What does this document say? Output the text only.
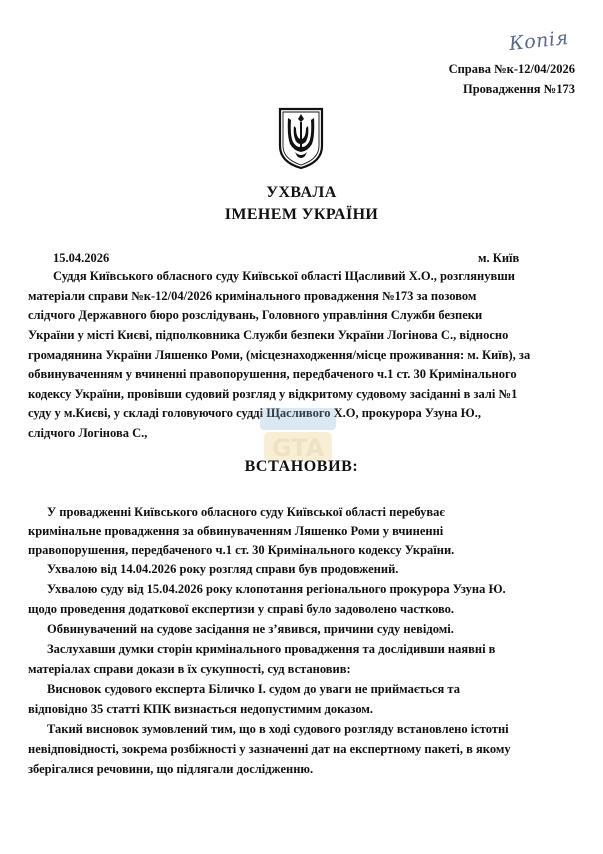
Копія
Справа №к-12/04/2026
Провадження №173
УХВАЛА
ІМЕНЕМ УКРАЇНИ
15.04.2026	м. Київ

Суддя Київського обласного суду Київської області Щасливий Х.О., розглянувши

матеріали справи №к-12/04/2026 кримінального провадження №173 за позовом

слідчого Державного бюро розслідувань, Головного управління Служби безпеки

України у місті Києві, підполковника Служби безпеки України Логінова С., відносно

громадянина України Ляшенко Роми, (місцезнаходження/місце проживання: м. Київ), за

обвинуваченням у вчиненні правопорушення, передбаченого ч.1 ст. 30 Кримінального

кодексу України, провівши судовий розгляд у відкритому судовому засіданні в залі №1

суду у м.Києві, у складі головуючого судді Щасливого Х.О, прокурора Узуна Ю.,

слідчого Логінова С.,

GTA
ВСТАНОВИВ:

У провадженні Київського обласного суду Київської області перебуває

кримінальне провадження за обвинуваченням Ляшенко Роми у вчиненні

правопорушення, передбаченого ч.1 ст. 30 Кримінального кодексу України.

Ухвалою від 14.04.2026 року розгляд справи був продовжений.

Ухвалою суду від 15.04.2026 року клопотання регіонального прокурора Узуна Ю.

щодо проведення додаткової експертизи у справі було задоволено частково.

Обвинувачений на судове засідання не з’явився, причини суду невідомі.

Заслухавши думки сторін кримінального провадження та дослідивши наявні в

матеріалах справи докази в їх сукупності, суд встановив:

Висновок судового експерта Біличко І. судом до уваги не приймається та

відповідно 35 статті КПК визнається недопустимим доказом.

Такий висновок зумовлений тим, що в ході судового розгляду встановлено істотні

невідповідності, зокрема розбіжності у зазначенні дат на експертному пакеті, в якому

зберігалися речовини, що підлягали дослідженню.
